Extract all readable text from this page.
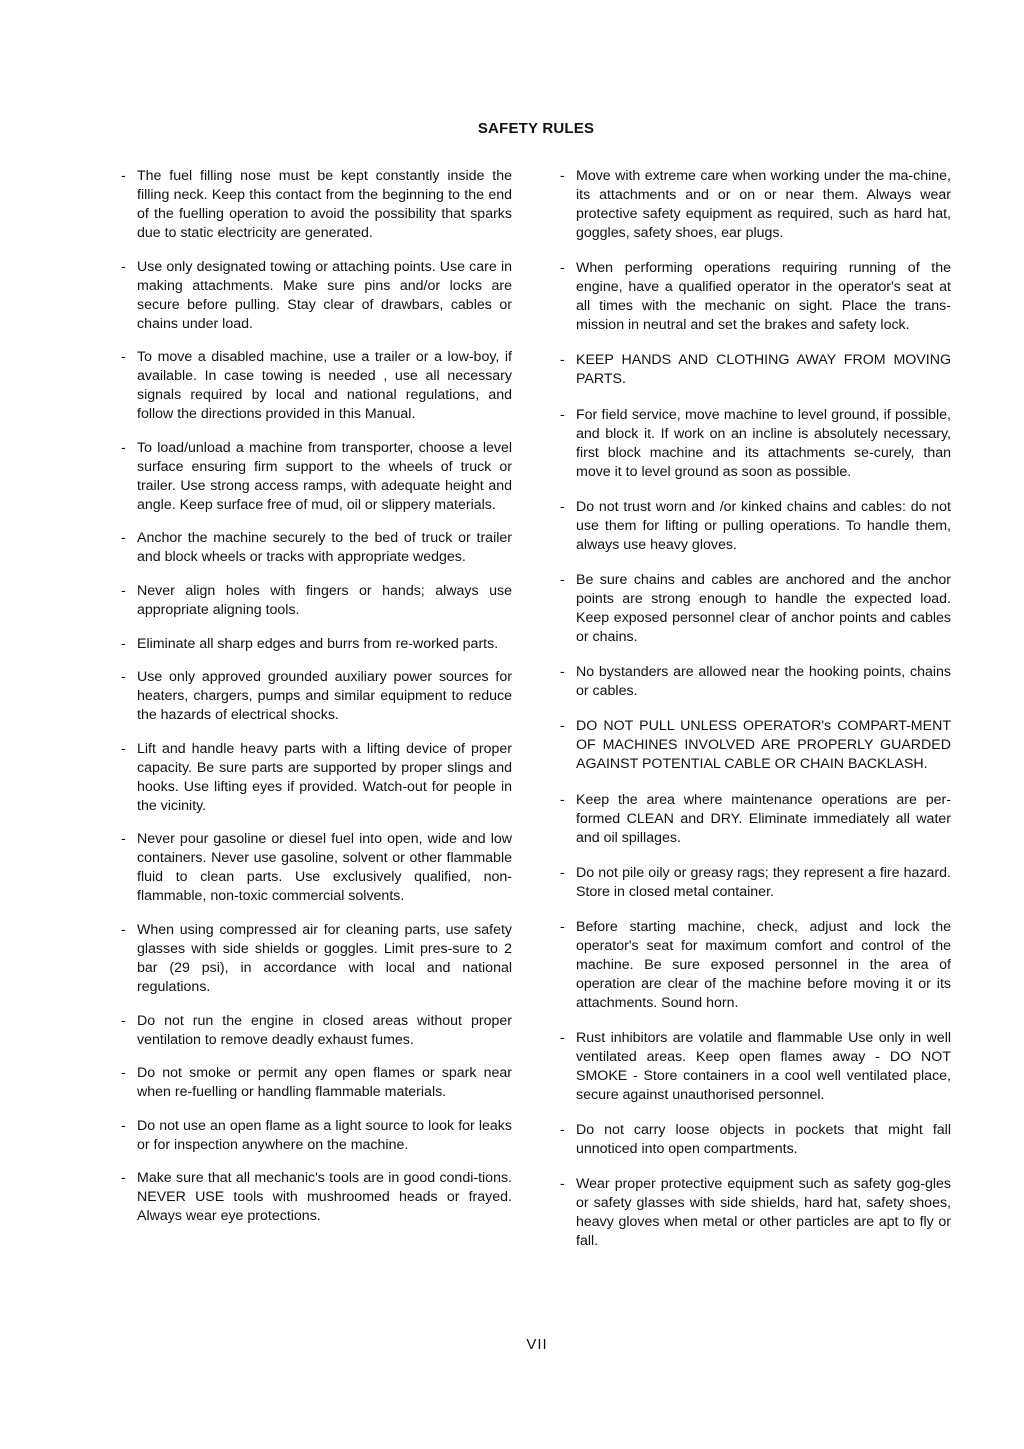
SAFETY RULES
- The fuel filling nose must be kept constantly inside the filling neck. Keep this contact from the beginning to the end of the fuelling operation to avoid the possibility that sparks due to static electricity are generated.
- Use only designated towing or attaching points. Use care in making attachments. Make sure pins and/or locks are secure before pulling. Stay clear of drawbars, cables or chains under load.
- To move a disabled machine, use a trailer or a low-boy, if available. In case towing is needed , use all necessary signals required by local and national regulations, and follow the directions provided in this Manual.
- To load/unload a machine from transporter, choose a level surface ensuring firm support to the wheels of truck or trailer. Use strong access ramps, with adequate height and angle. Keep surface free of mud, oil or slippery materials.
- Anchor the machine securely to the bed of truck or trailer and block wheels or tracks with appropriate wedges.
- Never align holes with fingers or hands; always use appropriate aligning tools.
- Eliminate all sharp edges and burrs from re-worked parts.
- Use only approved grounded auxiliary power sources for heaters, chargers, pumps and similar equipment to reduce the hazards of electrical shocks.
- Lift and handle heavy parts with a lifting device of proper capacity. Be sure parts are supported by proper slings and hooks. Use lifting eyes if provided. Watch-out for people in the vicinity.
- Never pour gasoline or diesel fuel into open, wide and low containers. Never use gasoline, solvent or other flammable fluid to clean parts. Use exclusively qualified, non-flammable, non-toxic commercial solvents.
- When using compressed air for cleaning parts, use safety glasses with side shields or goggles. Limit pres-sure to 2 bar (29 psi), in accordance with local and national regulations.
- Do not run the engine in closed areas without proper ventilation to remove deadly exhaust fumes.
- Do not smoke or permit any open flames or spark near when re-fuelling or handling flammable materials.
- Do not use an open flame as a light source to look for leaks or for inspection anywhere on the machine.
- Make sure that all mechanic's tools are in good condi-tions. NEVER USE tools with mushroomed heads or frayed. Always wear eye protections.
- Move with extreme care when working under the ma-chine, its attachments and or on or near them. Always wear protective safety equipment as required, such as hard hat, goggles, safety shoes, ear plugs.
- When performing operations requiring running of the engine, have a qualified operator in the operator's seat at all times with the mechanic on sight. Place the trans-mission in neutral and set the brakes and safety lock.
- KEEP HANDS AND CLOTHING AWAY FROM MOVING PARTS.
- For field service, move machine to level ground, if possible, and block it. If work on an incline is absolutely necessary, first block machine and its attachments se-curely, than move it to level ground as soon as possible.
- Do not trust worn and /or kinked chains and cables: do not use them for lifting or pulling operations. To handle them, always use heavy gloves.
- Be sure chains and cables are anchored and the anchor points are strong enough to handle the expected load. Keep exposed personnel clear of anchor points and cables or chains.
- No bystanders are allowed near the hooking points, chains or cables.
- DO NOT PULL UNLESS OPERATOR's COMPART-MENT OF MACHINES INVOLVED ARE PROPERLY GUARDED AGAINST POTENTIAL CABLE OR CHAIN BACKLASH.
- Keep the area where maintenance operations are per-formed CLEAN and DRY. Eliminate immediately all water and oil spillages.
- Do not pile oily or greasy rags; they represent a fire hazard. Store in closed metal container.
- Before starting machine, check, adjust and lock the operator's seat for maximum comfort and control of the machine. Be sure exposed personnel in the area of operation are clear of the machine before moving it or its attachments. Sound horn.
- Rust inhibitors are volatile and flammable Use only in well ventilated areas. Keep open flames away - DO NOT SMOKE - Store containers in a cool well ventilated place, secure against unauthorised personnel.
- Do not carry loose objects in pockets that might fall unnoticed into open compartments.
- Wear proper protective equipment such as safety gog-gles or safety glasses with side shields, hard hat, safety shoes, heavy gloves when metal or other particles are apt to fly or fall.
VII
